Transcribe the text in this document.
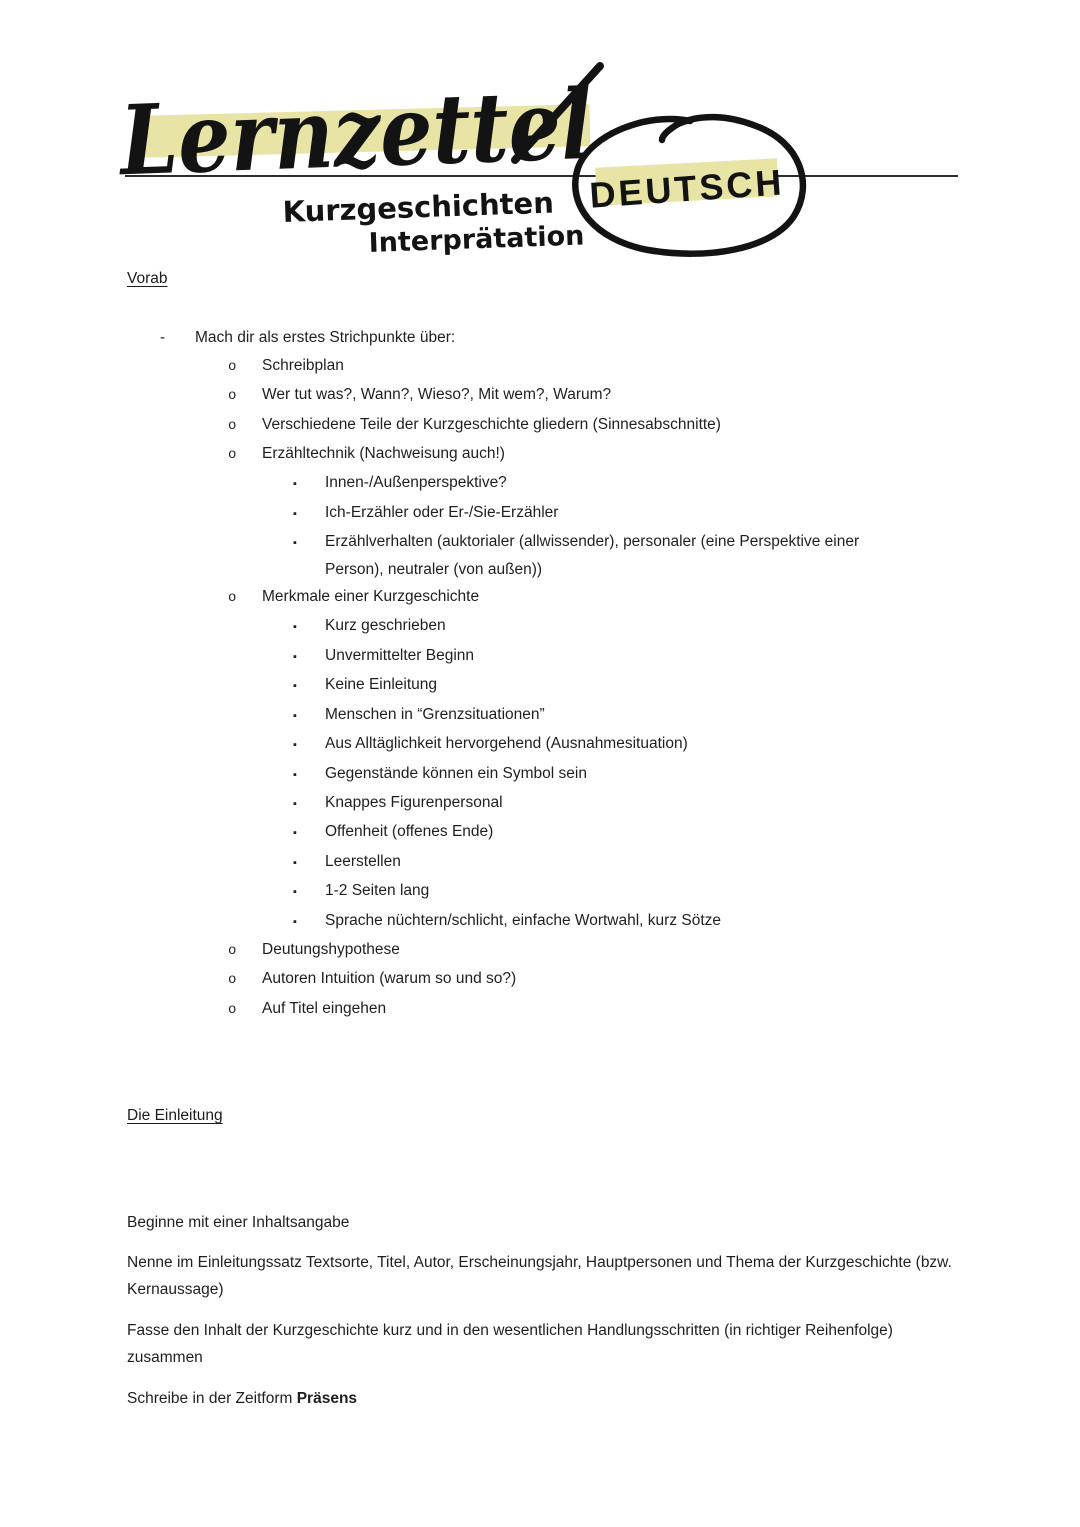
Lernzettel
DEUTSCH
Kurzgeschichten
Interprätation
Vorab
-	Mach dir als erstes Strichpunkte über:
o	Schreibplan
o	Wer tut was?, Wann?, Wieso?, Mit wem?, Warum?
o	Verschiedene Teile der Kurzgeschichte gliedern (Sinnesabschnitte)
o	Erzähltechnik (Nachweisung auch!)
▪	Innen-/Außenperspektive?
▪	Ich-Erzähler oder Er-/Sie-Erzähler
▪	Erzählverhalten (auktorialer (allwissender), personaler (eine Perspektive einer Person), neutraler (von außen))
o	Merkmale einer Kurzgeschichte
▪	Kurz geschrieben
▪	Unvermittelter Beginn
▪	Keine Einleitung
▪	Menschen in “Grenzsituationen”
▪	Aus Alltäglichkeit hervorgehend (Ausnahmesituation)
▪	Gegenstände können ein Symbol sein
▪	Knappes Figurenpersonal
▪	Offenheit (offenes Ende)
▪	Leerstellen
▪	1-2 Seiten lang
▪	Sprache nüchtern/schlicht, einfache Wortwahl, kurz Sötze
o	Deutungshypothese
o	Autoren Intuition (warum so und so?)
o	Auf Titel eingehen
Die Einleitung

Beginne mit einer Inhaltsangabe

Nenne im Einleitungssatz Textsorte, Titel, Autor, Erscheinungsjahr, Hauptpersonen und Thema der Kurzgeschichte (bzw. Kernaussage)

Fasse den Inhalt der Kurzgeschichte kurz und in den wesentlichen Handlungsschritten (in richtiger Reihenfolge) zusammen

Schreibe in der Zeitform Präsens
